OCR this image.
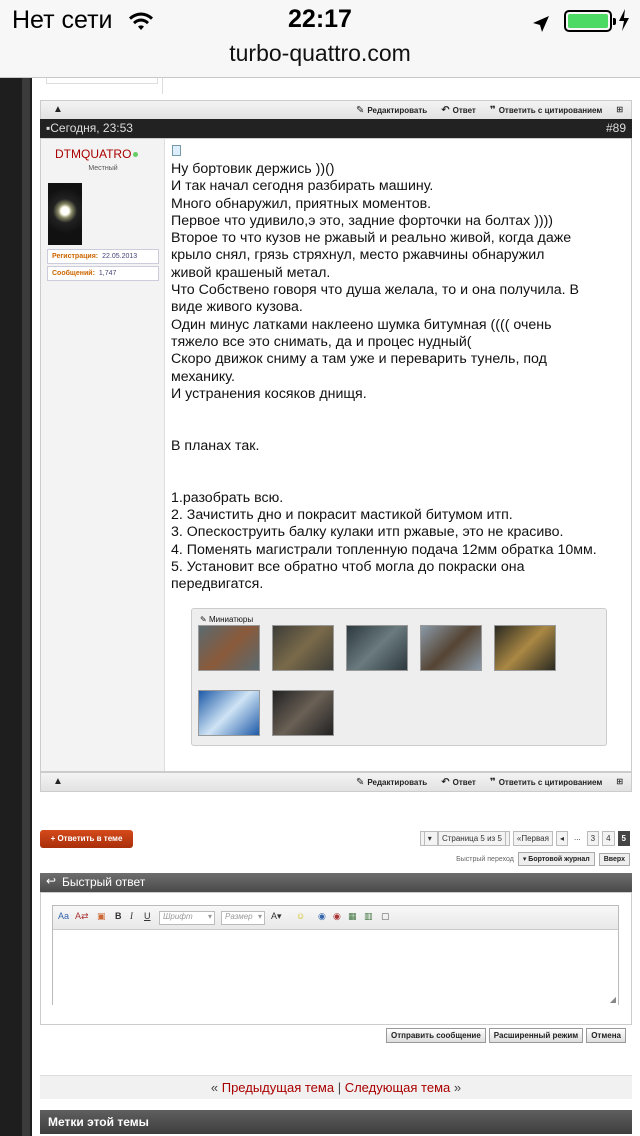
Нет сети	22:17
turbo-quattro.com
▲	✎ Редактировать ↶ Ответ ❞ Ответить с цитированием ⊞
▪Сегодня, 23:53	#89
DTMQUATRO
Местный
Регистрация: 22.05.2013
Сообщений: 1,747

Ну бортовик держись ))()

И так начал сегодня разбирать машину.

Много обнаружил, приятных моментов.

Первое что удивило,э это, задние форточки на болтах ))))

Второе то что кузов не ржавый и реально живой, когда даже

крыло снял, грязь стряхнул, место ржавчины обнаружил

живой крашеный метал.

Что Собствено говоря что душа желала, то и она получила. В

виде живого кузова.

Один минус латками наклеено шумка битумная (((( очень

тяжело все это снимать, да и процес нудный(

Скоро движок сниму а там уже и переварить тунель, под

механику.

И устранения косяков днищя.

В планах так.

1.разобрать всю.

2. Зачистить дно и покрасит мастикой битумом итп.

3. Опескоструить балку кулаки итп ржавые, это не красиво.

4. Поменять магистрали топленную подача 12мм обратка 10мм.

5. Установит все обратно чтоб могла до покраски она

передвигатся.

✎ Миниатюры
▲	✎ Редактировать ↶ Ответ ❞ Ответить с цитированием ⊞
+ Ответить в теме	▾ Страница 5 из 5	«Первая	◂	...	3	4	5
Быстрый переход	▾ Бортовой журнал	Вверх
↩ Быстрый ответ
Aa A⇄ ▣ B I U	Шрифт ▾	Размер ▾ A▾ ☺ ◉ ◉ ▦ ▥ ▢
◢
Отправить сообщение	Расширенный режим	Отмена
« Предыдущая тема | Следующая тема »
Метки этой темы
